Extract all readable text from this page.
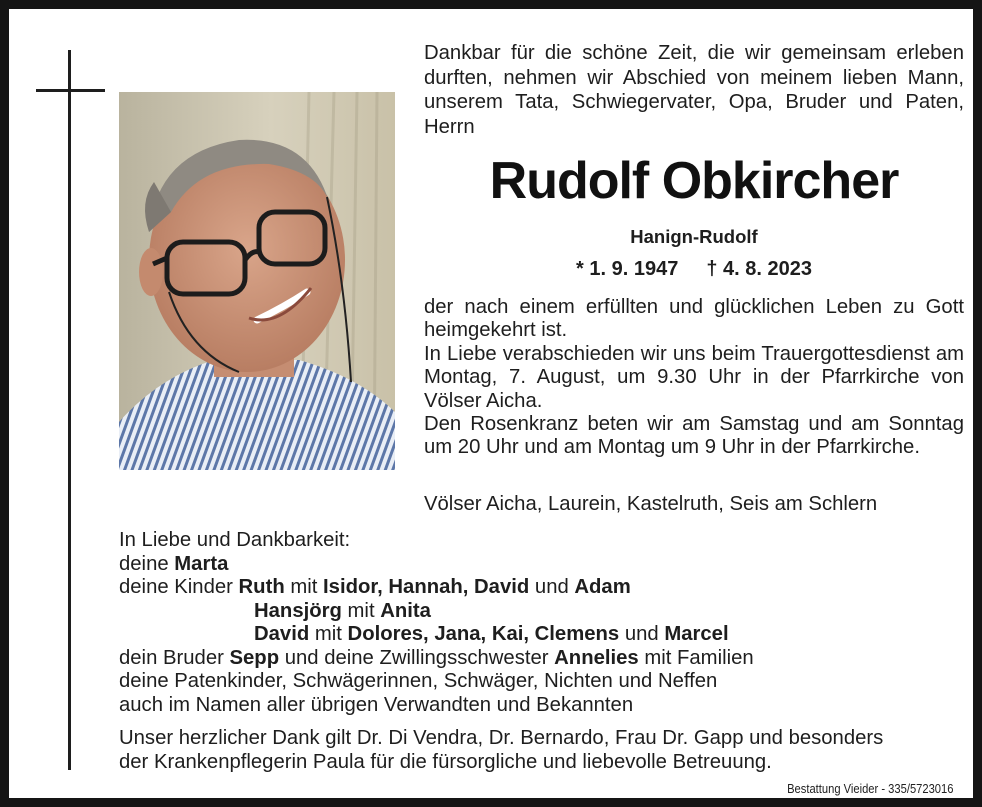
Dankbar für die schöne Zeit, die wir gemeinsam erleben durften, nehmen wir Abschied von meinem lieben Mann, unserem Tata, Schwiegervater, Opa, Bruder und Paten, Herrn
Rudolf Obkircher
Hanign-Rudolf
* 1. 9. 1947 † 4. 8. 2023

der nach einem erfüllten und glücklichen Leben zu Gott heimgekehrt ist.

In Liebe verabschieden wir uns beim Trauergottesdienst am Montag, 7. August, um 9.30 Uhr in der Pfarrkirche von Völser Aicha.

Den Rosenkranz beten wir am Samstag und am Sonntag um 20 Uhr und am Montag um 9 Uhr in der Pfarrkirche.

Völser Aicha, Laurein, Kastelruth, Seis am Schlern
In Liebe und Dankbarkeit:
deine Marta
deine Kinder Ruth mit Isidor, Hannah, David und Adam
Hansjörg mit Anita
David mit Dolores, Jana, Kai, Clemens und Marcel
dein Bruder Sepp und deine Zwillingsschwester Annelies mit Familien
deine Patenkinder, Schwägerinnen, Schwäger, Nichten und Neffen
auch im Namen aller übrigen Verwandten und Bekannten
Unser herzlicher Dank gilt Dr. Di Vendra, Dr. Bernardo, Frau Dr. Gapp und besonders
der Krankenpflegerin Paula für die fürsorgliche und liebevolle Betreuung.
Bestattung Vieider - 335/5723016
